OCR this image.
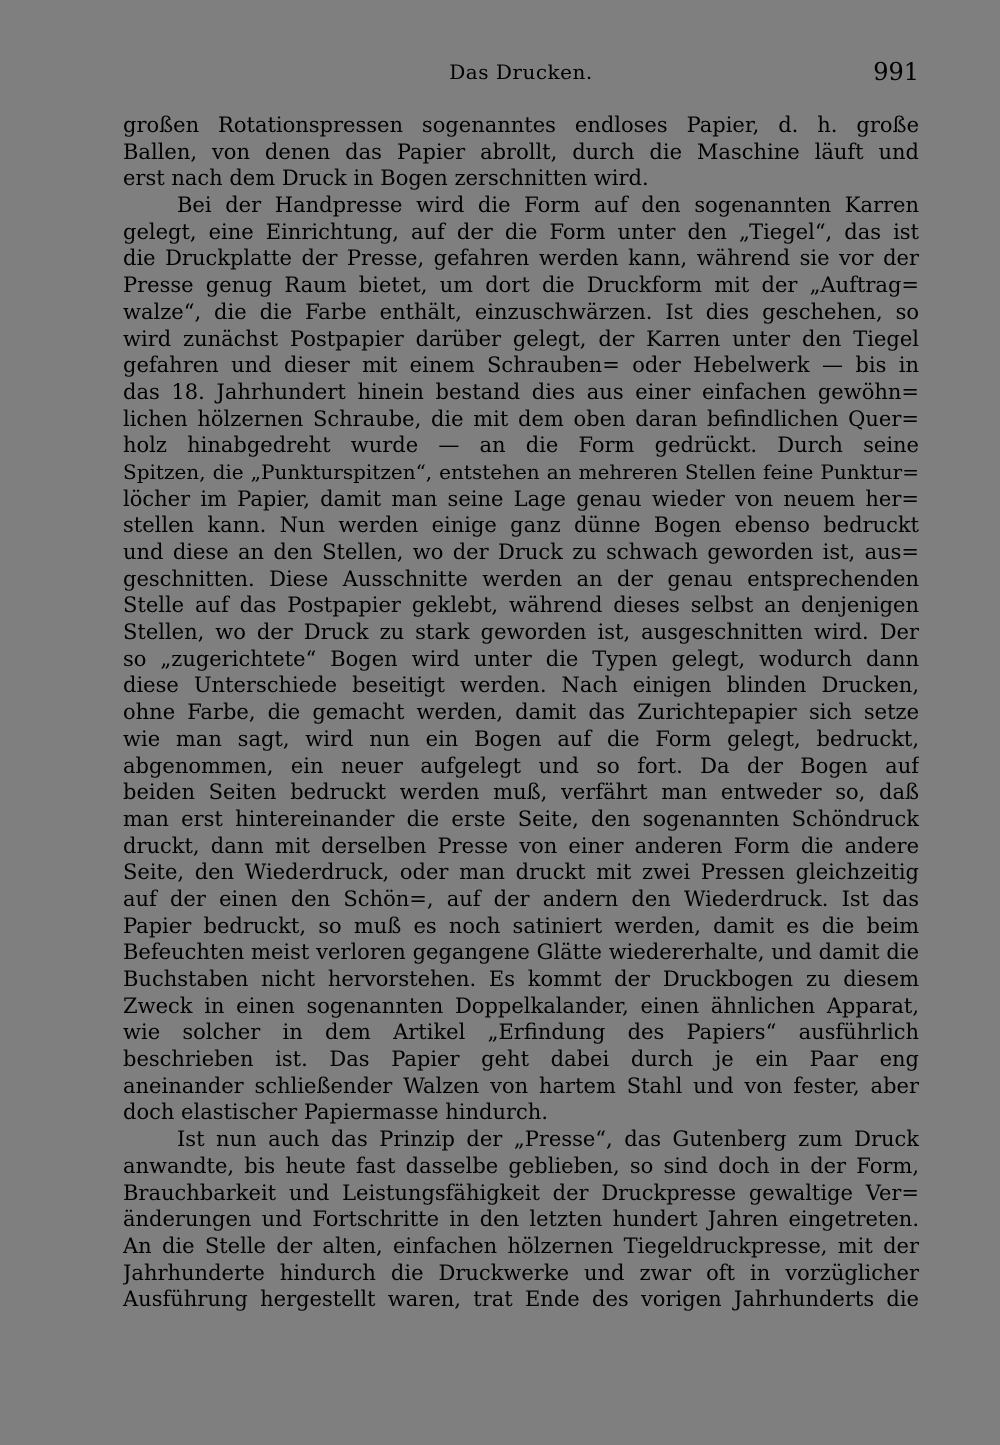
Das Drucken.	991
großen Rotationspressen sogenanntes endloses Papier, d. h. große
Ballen, von denen das Papier abrollt, durch die Maschine läuft und
erst nach dem Druck in Bogen zerschnitten wird.
Bei der Handpresse wird die Form auf den sogenannten Karren
gelegt, eine Einrichtung, auf der die Form unter den „Tiegel“, das ist
die Druckplatte der Presse, gefahren werden kann, während sie vor der
Presse genug Raum bietet, um dort die Druckform mit der „Auftrag=
walze“, die die Farbe enthält, einzuschwärzen. Ist dies geschehen, so
wird zunächst Postpapier darüber gelegt, der Karren unter den Tiegel
gefahren und dieser mit einem Schrauben= oder Hebelwerk — bis in
das 18. Jahrhundert hinein bestand dies aus einer einfachen gewöhn=
lichen hölzernen Schraube, die mit dem oben daran befindlichen Quer=
holz hinabgedreht wurde — an die Form gedrückt. Durch seine
Spitzen, die „Punkturspitzen“, entstehen an mehreren Stellen feine Punktur=
löcher im Papier, damit man seine Lage genau wieder von neuem her=
stellen kann. Nun werden einige ganz dünne Bogen ebenso bedruckt
und diese an den Stellen, wo der Druck zu schwach geworden ist, aus=
geschnitten. Diese Ausschnitte werden an der genau entsprechenden
Stelle auf das Postpapier geklebt, während dieses selbst an denjenigen
Stellen, wo der Druck zu stark geworden ist, ausgeschnitten wird. Der
so „zugerichtete“ Bogen wird unter die Typen gelegt, wodurch dann
diese Unterschiede beseitigt werden. Nach einigen blinden Drucken,
ohne Farbe, die gemacht werden, damit das Zurichtepapier sich setze
wie man sagt, wird nun ein Bogen auf die Form gelegt, bedruckt,
abgenommen, ein neuer aufgelegt und so fort. Da der Bogen auf
beiden Seiten bedruckt werden muß, verfährt man entweder so, daß
man erst hintereinander die erste Seite, den sogenannten Schöndruck
druckt, dann mit derselben Presse von einer anderen Form die andere
Seite, den Wiederdruck, oder man druckt mit zwei Pressen gleichzeitig
auf der einen den Schön=, auf der andern den Wiederdruck. Ist das
Papier bedruckt, so muß es noch satiniert werden, damit es die beim
Befeuchten meist verloren gegangene Glätte wiedererhalte, und damit die
Buchstaben nicht hervorstehen. Es kommt der Druckbogen zu diesem
Zweck in einen sogenannten Doppelkalander, einen ähnlichen Apparat,
wie solcher in dem Artikel „Erfindung des Papiers“ ausführlich
beschrieben ist. Das Papier geht dabei durch je ein Paar eng
aneinander schließender Walzen von hartem Stahl und von fester, aber
doch elastischer Papiermasse hindurch.
Ist nun auch das Prinzip der „Presse“, das Gutenberg zum Druck
anwandte, bis heute fast dasselbe geblieben, so sind doch in der Form,
Brauchbarkeit und Leistungsfähigkeit der Druckpresse gewaltige Ver=
änderungen und Fortschritte in den letzten hundert Jahren eingetreten.
An die Stelle der alten, einfachen hölzernen Tiegeldruckpresse, mit der
Jahrhunderte hindurch die Druckwerke und zwar oft in vorzüglicher
Ausführung hergestellt waren, trat Ende des vorigen Jahrhunderts die
